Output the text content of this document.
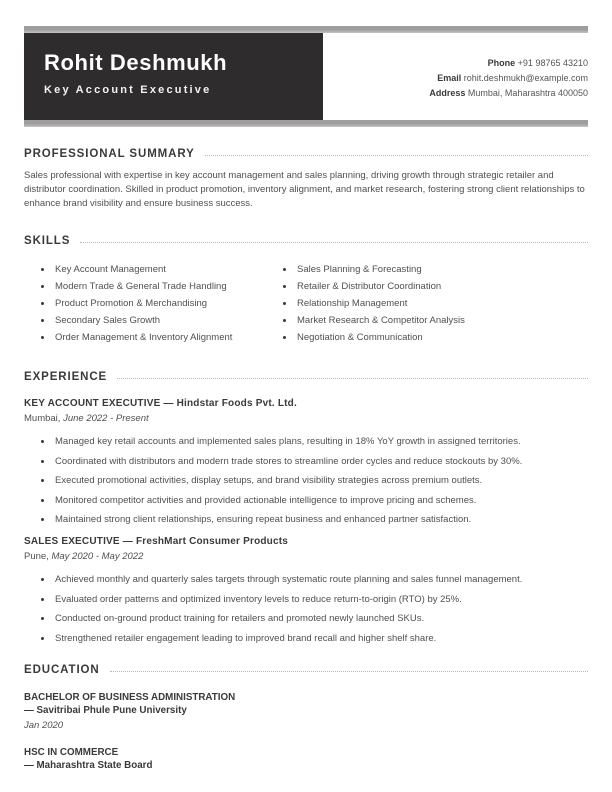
Rohit Deshmukh
Key Account Executive
Phone +91 98765 43210
Email rohit.deshmukh@example.com
Address Mumbai, Maharashtra 400050
PROFESSIONAL SUMMARY

Sales professional with expertise in key account management and sales planning, driving growth through strategic retailer and distributor coordination. Skilled in product promotion, inventory alignment, and market research, fostering strong client relationships to enhance brand visibility and ensure business success.

SKILLS
Key Account Management
Modern Trade & General Trade Handling
Product Promotion & Merchandising
Secondary Sales Growth
Order Management & Inventory Alignment
Sales Planning & Forecasting
Retailer & Distributor Coordination
Relationship Management
Market Research & Competitor Analysis
Negotiation & Communication
EXPERIENCE
KEY ACCOUNT EXECUTIVE — Hindstar Foods Pvt. Ltd.

Mumbai, June 2022 - Present

Managed key retail accounts and implemented sales plans, resulting in 18% YoY growth in assigned territories.
Coordinated with distributors and modern trade stores to streamline order cycles and reduce stockouts by 30%.
Executed promotional activities, display setups, and brand visibility strategies across premium outlets.
Monitored competitor activities and provided actionable intelligence to improve pricing and schemes.
Maintained strong client relationships, ensuring repeat business and enhanced partner satisfaction.
SALES EXECUTIVE — FreshMart Consumer Products

Pune, May 2020 - May 2022

Achieved monthly and quarterly sales targets through systematic route planning and sales funnel management.
Evaluated order patterns and optimized inventory levels to reduce return-to-origin (RTO) by 25%.
Conducted on-ground product training for retailers and promoted newly launched SKUs.
Strengthened retailer engagement leading to improved brand recall and higher shelf share.
EDUCATION
BACHELOR OF BUSINESS ADMINISTRATION
— Savitribai Phule Pune University
Jan 2020
HSC IN COMMERCE
— Maharashtra State Board
